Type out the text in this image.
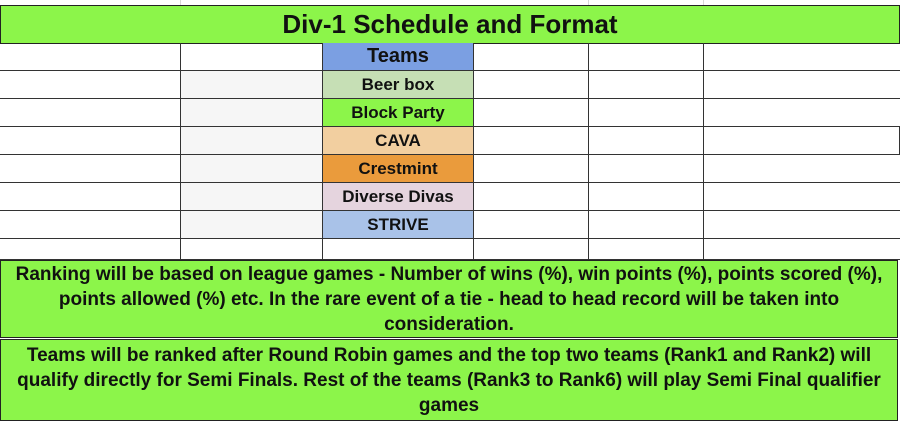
Div-1 Schedule and Format
Teams
Beer box
Block Party
CAVA
Crestmint
Diverse Divas
STRIVE
Ranking will be based on league games - Number of wins (%), win points (%), points scored (%), points allowed (%) etc. In the rare event of a tie - head to head record will be taken into consideration.
Teams will be ranked after Round Robin games and the top two teams (Rank1 and Rank2) will qualify directly for Semi Finals. Rest of the teams (Rank3 to Rank6) will play Semi Final qualifier games
